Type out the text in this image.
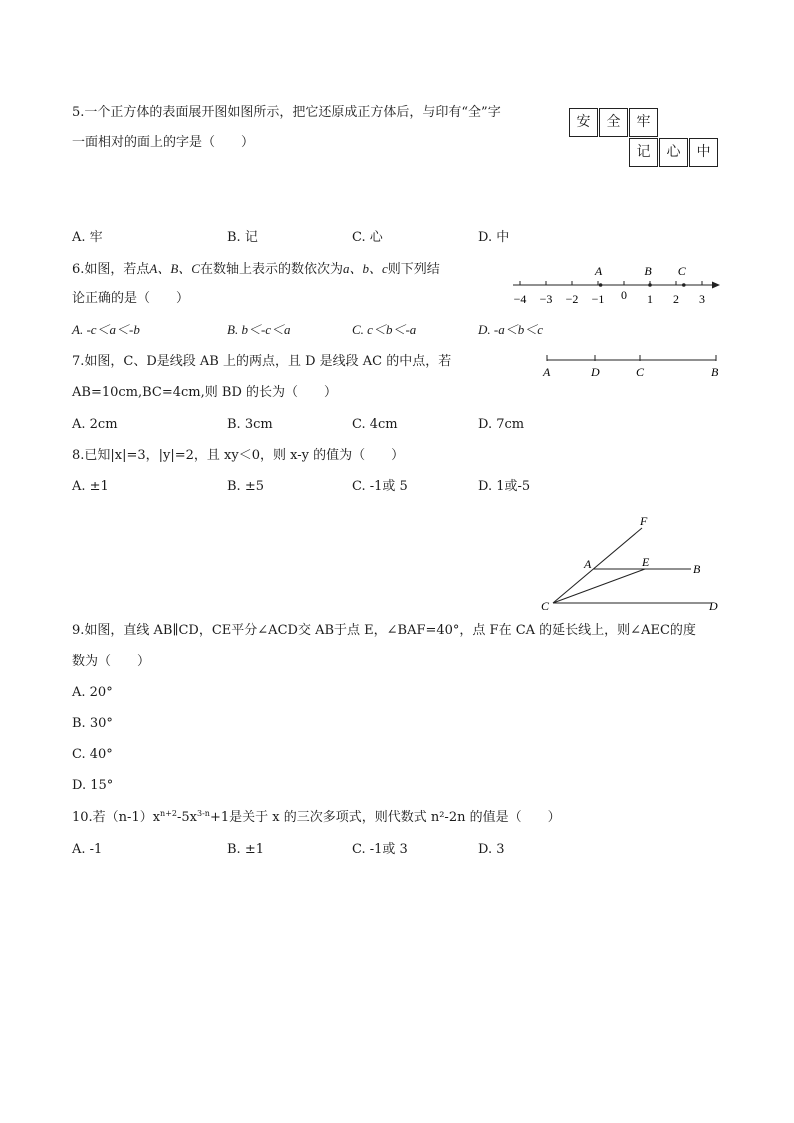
5.一个正方体的表面展开图如图所示，把它还原成正方体后，与印有“全”字
一面相对的面上的字是（　　）
安	全	牢
记	心	中
A. 牢	B. 记	C. 心	D. 中
6.如图，若点A、B、C在数轴上表示的数依次为a、b、c则下列结
论正确的是（　　）	−4 −3 −2 −1 0 1 2 3
A	B C
A. -c＜a＜-b	B. b＜-c＜a	C. c＜b＜-a	D. -a＜b＜c
7.如图，C、D是线段 AB 上的两点，且 D 是线段 AC 的中点，若
AB=10cm,BC=4cm,则 BD 的长为（　　）
A	D	C	B
A. 2cm	B. 3cm	C. 4cm	D. 7cm
8.已知|x|=3，|y|=2，且 xy＜0，则 x-y 的值为（　　）
A. ±1	B. ±5	C. -1或 5	D. 1或-5
F
A	E	B
C	D
9.如图，直线 AB∥CD，CE平分∠ACD交 AB于点 E，∠BAF=40°，点 F在 CA 的延长线上，则∠AEC的度
数为（　　）
A. 20°
B. 30°
C. 40°
D. 15°
10.若$(n-1)x^{n+2}-5x^{3-n}+1$是关于 x 的三次多项式，则代数式 n²-2n 的值是（　　）
A. -1	B. ±1	C. -1或 3	D. 3
